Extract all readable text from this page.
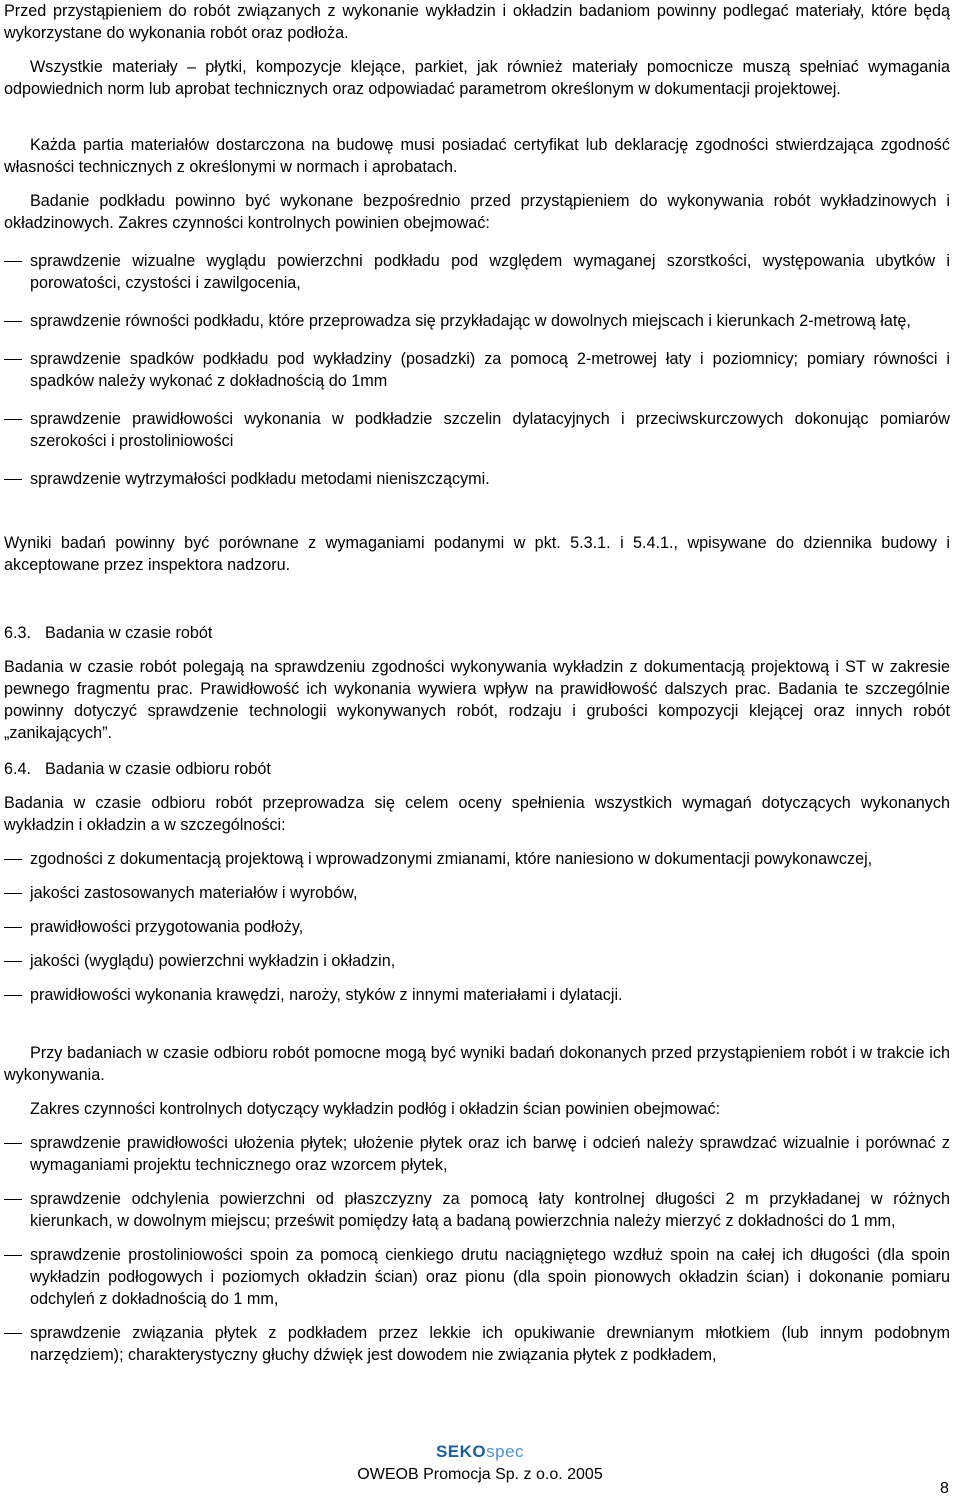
Przed przystąpieniem do robót związanych z wykonanie wykładzin i okładzin badaniom powinny podlegać materiały, które będą wykorzystane do wykonania robót oraz podłoża.

Wszystkie materiały – płytki, kompozycje klejące, parkiet, jak również materiały pomocnicze muszą spełniać wymagania odpowiednich norm lub aprobat technicznych oraz odpowiadać parametrom określonym w dokumentacji projektowej.

Każda partia materiałów dostarczona na budowę musi posiadać certyfikat lub deklarację zgodności stwierdzająca zgodność własności technicznych z określonymi w normach i aprobatach.

Badanie podkładu powinno być wykonane bezpośrednio przed przystąpieniem do wykonywania robót wykładzinowych i okładzinowych. Zakres czynności kontrolnych powinien obejmować:

sprawdzenie wizualne wyglądu powierzchni podkładu pod względem wymaganej szorstkości, występowania ubytków i porowatości, czystości i zawilgocenia,
sprawdzenie równości podkładu, które przeprowadza się przykładając w dowolnych miejscach i kierunkach 2-metrową łatę,
sprawdzenie spadków podkładu pod wykładziny (posadzki) za pomocą 2-metrowej łaty i poziomnicy; pomiary równości i spadków należy wykonać z dokładnością do 1mm
sprawdzenie prawidłowości wykonania w podkładzie szczelin dylatacyjnych i przeciwskurczowych dokonując pomiarów szerokości i prostoliniowości
sprawdzenie wytrzymałości podkładu metodami nieniszczącymi.

Wyniki badań powinny być porównane z wymaganiami podanymi w pkt. 5.3.1. i 5.4.1., wpisywane do dziennika budowy i akceptowane przez inspektora nadzoru.

6.3. Badania w czasie robót

Badania w czasie robót polegają na sprawdzeniu zgodności wykonywania wykładzin z dokumentacją projektową i ST w zakresie pewnego fragmentu prac. Prawidłowość ich wykonania wywiera wpływ na prawidłowość dalszych prac. Badania te szczególnie powinny dotyczyć sprawdzenie technologii wykonywanych robót, rodzaju i grubości kompozycji klejącej oraz innych robót „zanikających”.

6.4. Badania w czasie odbioru robót

Badania w czasie odbioru robót przeprowadza się celem oceny spełnienia wszystkich wymagań dotyczących wykonanych wykładzin i okładzin a w szczególności:

zgodności z dokumentacją projektową i wprowadzonymi zmianami, które naniesiono w dokumentacji powykonawczej,
jakości zastosowanych materiałów i wyrobów,
prawidłowości przygotowania podłoży,
jakości (wyglądu) powierzchni wykładzin i okładzin,
prawidłowości wykonania krawędzi, naroży, styków z innymi materiałami i dylatacji.

Przy badaniach w czasie odbioru robót pomocne mogą być wyniki badań dokonanych przed przystąpieniem robót i w trakcie ich wykonywania.

Zakres czynności kontrolnych dotyczący wykładzin podłóg i okładzin ścian powinien obejmować:

sprawdzenie prawidłowości ułożenia płytek; ułożenie płytek oraz ich barwę i odcień należy sprawdzać wizualnie i porównać z wymaganiami projektu technicznego oraz wzorcem płytek,
sprawdzenie odchylenia powierzchni od płaszczyzny za pomocą łaty kontrolnej długości 2 m przykładanej w różnych kierunkach, w dowolnym miejscu; prześwit pomiędzy łatą a badaną powierzchnia należy mierzyć z dokładności do 1 mm,
sprawdzenie prostoliniowości spoin za pomocą cienkiego drutu naciągniętego wzdłuż spoin na całej ich długości (dla spoin wykładzin podłogowych i poziomych okładzin ścian) oraz pionu (dla spoin pionowych okładzin ścian) i dokonanie pomiaru odchyleń z dokładnością do 1 mm,
sprawdzenie związania płytek z podkładem przez lekkie ich opukiwanie drewnianym młotkiem (lub innym podobnym narzędziem); charakterystyczny głuchy dźwięk jest dowodem nie związania płytek z podkładem,
SEKOspec
OWEOB Promocja Sp. z o.o. 2005
8
